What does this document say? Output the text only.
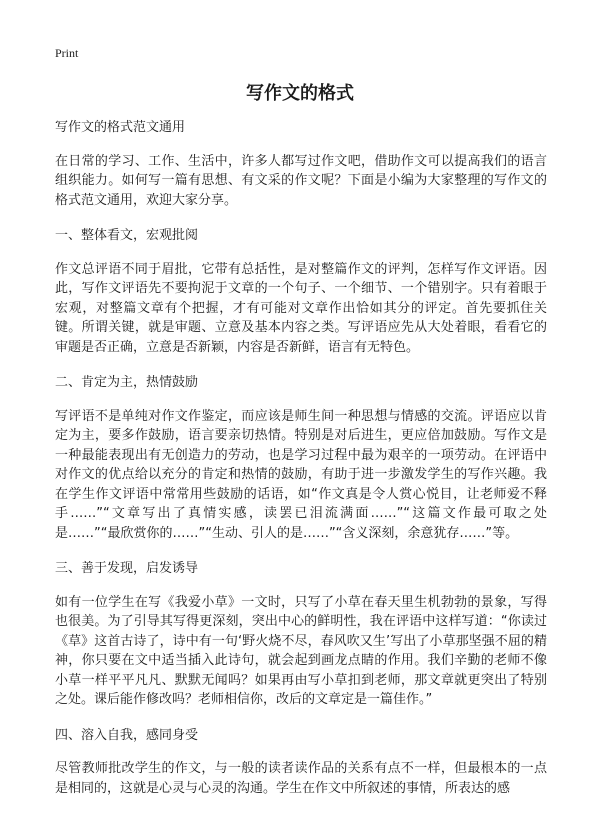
Print
写作文的格式

写作文的格式范文通用

在日常的学习、工作、生活中，许多人都写过作文吧，借助作文可以提高我们的语言组织能力。如何写一篇有思想、有文采的作文呢？下面是小编为大家整理的写作文的格式范文通用，欢迎大家分享。

一、整体看文，宏观批阅

作文总评语不同于眉批，它带有总括性，是对整篇作文的评判，怎样写作文评语。因此，写作文评语先不要拘泥于文章的一个句子、一个细节、一个错别字。只有着眼于宏观，对整篇文章有个把握，才有可能对文章作出恰如其分的评定。首先要抓住关键。所谓关键，就是审题、立意及基本内容之类。写评语应先从大处着眼，看看它的审题是否正确，立意是否新颖，内容是否新鲜，语言有无特色。

二、肯定为主，热情鼓励

写评语不是单纯对作文作鉴定，而应该是师生间一种思想与情感的交流。评语应以肯定为主，要多作鼓励，语言要亲切热情。特别是对后进生，更应倍加鼓励。写作文是一种最能表现出有无创造力的劳动，也是学习过程中最为艰辛的一项劳动。在评语中对作文的优点给以充分的肯定和热情的鼓励，有助于进一步激发学生的写作兴趣。我在学生作文评语中常常用些鼓励的话语，如“作文真是令人赏心悦目，让老师爱不释手……”“文章写出了真情实感，读罢已泪流满面……”“这篇文作最可取之处是……”“最欣赏你的……”“生动、引人的是……”“含义深刻，余意犹存……”等。

三、善于发现，启发诱导

如有一位学生在写《我爱小草》一文时，只写了小草在春天里生机勃勃的景象，写得也很美。为了引导其写得更深刻，突出中心的鲜明性，我在评语中这样写道：“你读过《草》这首古诗了，诗中有一句‘野火烧不尽，春风吹又生’写出了小草那坚强不屈的精神，你只要在文中适当插入此诗句，就会起到画龙点睛的作用。我们辛勤的老师不像小草一样平平凡凡、默默无闻吗？如果再由写小草扣到老师，那文章就更突出了特别之处。课后能作修改吗？老师相信你，改后的文章定是一篇佳作。”

四、溶入自我，感同身受

尽管教师批改学生的作文，与一般的读者读作品的关系有点不一样，但最根本的一点是相同的，这就是心灵与心灵的沟通。学生在作文中所叙述的事情，所表达的感
